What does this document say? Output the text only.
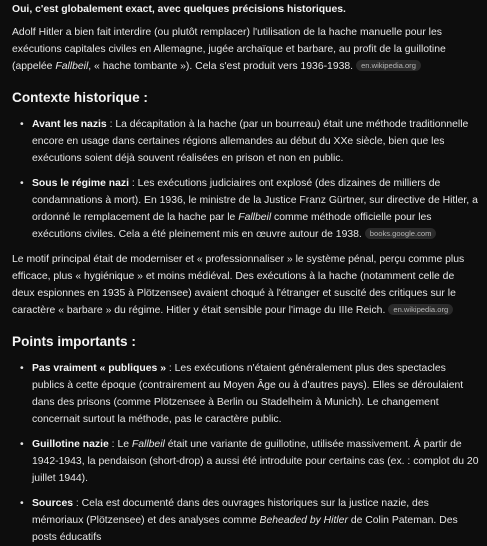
Oui, c'est globalement exact, avec quelques précisions historiques.

Adolf Hitler a bien fait interdire (ou plutôt remplacer) l'utilisation de la hache manuelle pour les exécutions capitales civiles en Allemagne, jugée archaïque et barbare, au profit de la guillotine (appelée Fallbeil, « hache tombante »). Cela s'est produit vers 1936-1938. en.wikipedia.org

Contexte historique :
• Avant les nazis : La décapitation à la hache (par un bourreau) était une méthode traditionnelle encore en usage dans certaines régions allemandes au début du XXe siècle, bien que les exécutions soient déjà souvent réalisées en prison et non en public.
• Sous le régime nazi : Les exécutions judiciaires ont explosé (des dizaines de milliers de condamnations à mort). En 1936, le ministre de la Justice Franz Gürtner, sur directive de Hitler, a ordonné le remplacement de la hache par le Fallbeil comme méthode officielle pour les exécutions civiles. Cela a été pleinement mis en œuvre autour de 1938. books.google.com

Le motif principal était de moderniser et « professionnaliser » le système pénal, perçu comme plus efficace, plus « hygiénique » et moins médiéval. Des exécutions à la hache (notamment celle de deux espionnes en 1935 à Plötzensee) avaient choqué à l'étranger et suscité des critiques sur le caractère « barbare » du régime. Hitler y était sensible pour l'image du IIIe Reich. en.wikipedia.org

Points importants :
• Pas vraiment « publiques » : Les exécutions n'étaient généralement plus des spectacles publics à cette époque (contrairement au Moyen Âge ou à d'autres pays). Elles se déroulaient dans des prisons (comme Plötzensee à Berlin ou Stadelheim à Munich). Le changement concernait surtout la méthode, pas le caractère public.
• Guillotine nazie : Le Fallbeil était une variante de guillotine, utilisée massivement. À partir de 1942-1943, la pendaison (short-drop) a aussi été introduite pour certains cas (ex. : complot du 20 juillet 1944).
• Sources : Cela est documenté dans des ouvrages historiques sur la justice nazie, des mémoriaux (Plötzensee) et des analyses comme Beheaded by Hitler de Colin Pateman. Des posts éducatifs
